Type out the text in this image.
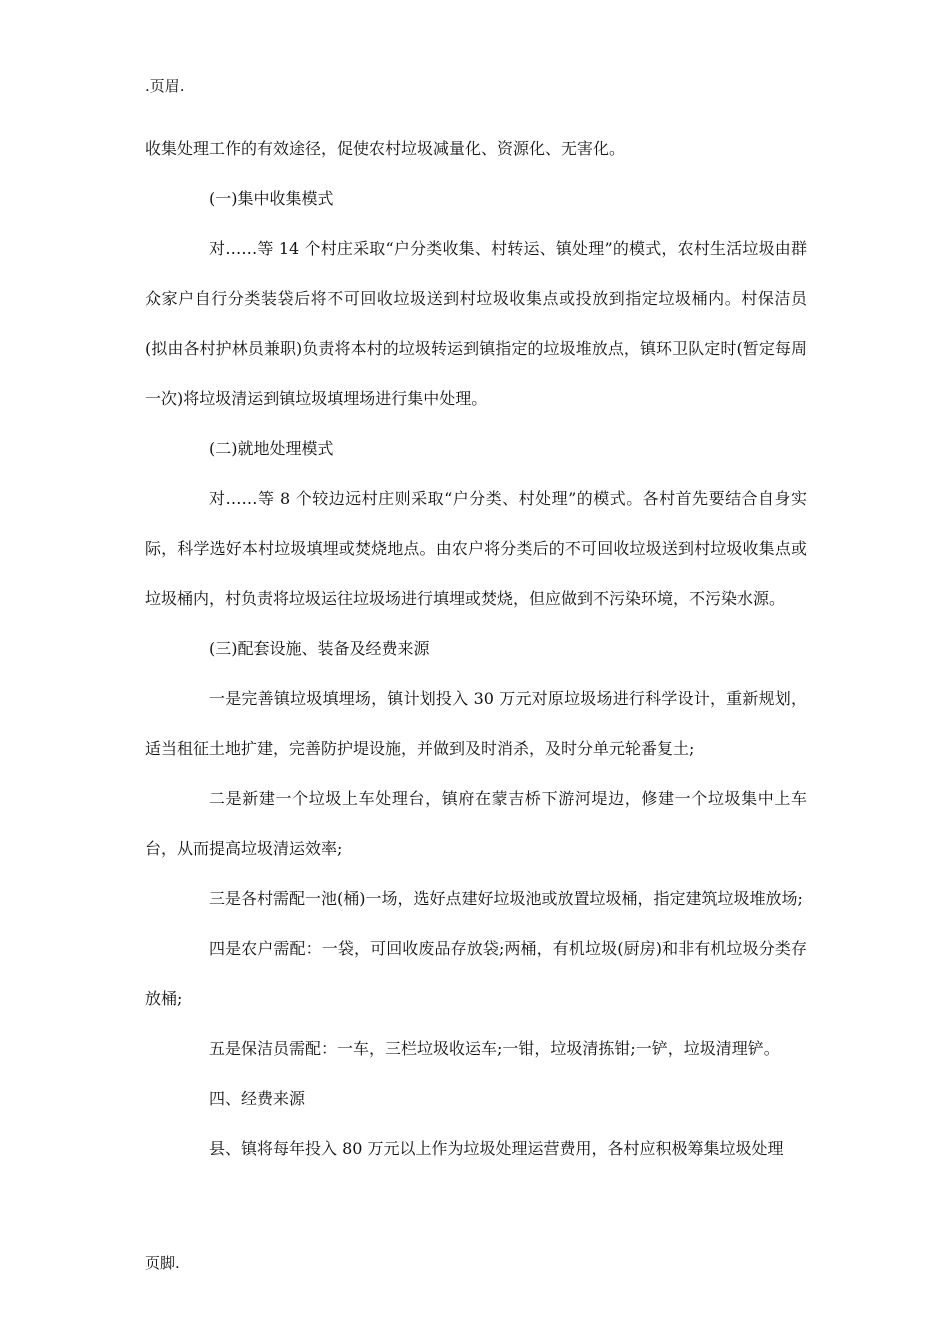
.页眉.

收集处理工作的有效途径，促使农村垃圾减量化、资源化、无害化。

(一)集中收集模式

对……等 14 个村庄采取“户分类收集、村转运、镇处理”的模式，农村生活垃圾由群众家户自行分类装袋后将不可回收垃圾送到村垃圾收集点或投放到指定垃圾桶内。村保洁员(拟由各村护林员兼职)负责将本村的垃圾转运到镇指定的垃圾堆放点，镇环卫队定时(暂定每周一次)将垃圾清运到镇垃圾填埋场进行集中处理。

(二)就地处理模式

对……等 8 个较边远村庄则采取“户分类、村处理”的模式。各村首先要结合自身实际，科学选好本村垃圾填埋或焚烧地点。由农户将分类后的不可回收垃圾送到村垃圾收集点或垃圾桶内，村负责将垃圾运往垃圾场进行填埋或焚烧，但应做到不污染环境，不污染水源。

(三)配套设施、装备及经费来源

一是完善镇垃圾填埋场，镇计划投入 30 万元对原垃圾场进行科学设计，重新规划，适当租征土地扩建，完善防护堤设施，并做到及时消杀，及时分单元轮番复土;

二是新建一个垃圾上车处理台，镇府在蒙吉桥下游河堤边，修建一个垃圾集中上车台，从而提高垃圾清运效率;

三是各村需配一池(桶)一场，选好点建好垃圾池或放置垃圾桶，指定建筑垃圾堆放场;

四是农户需配：一袋，可回收废品存放袋;两桶，有机垃圾(厨房)和非有机垃圾分类存放桶;

五是保洁员需配：一车，三栏垃圾收运车;一钳，垃圾清拣钳;一铲，垃圾清理铲。

四、经费来源

县、镇将每年投入 80 万元以上作为垃圾处理运营费用，各村应积极筹集垃圾处理

页脚.
